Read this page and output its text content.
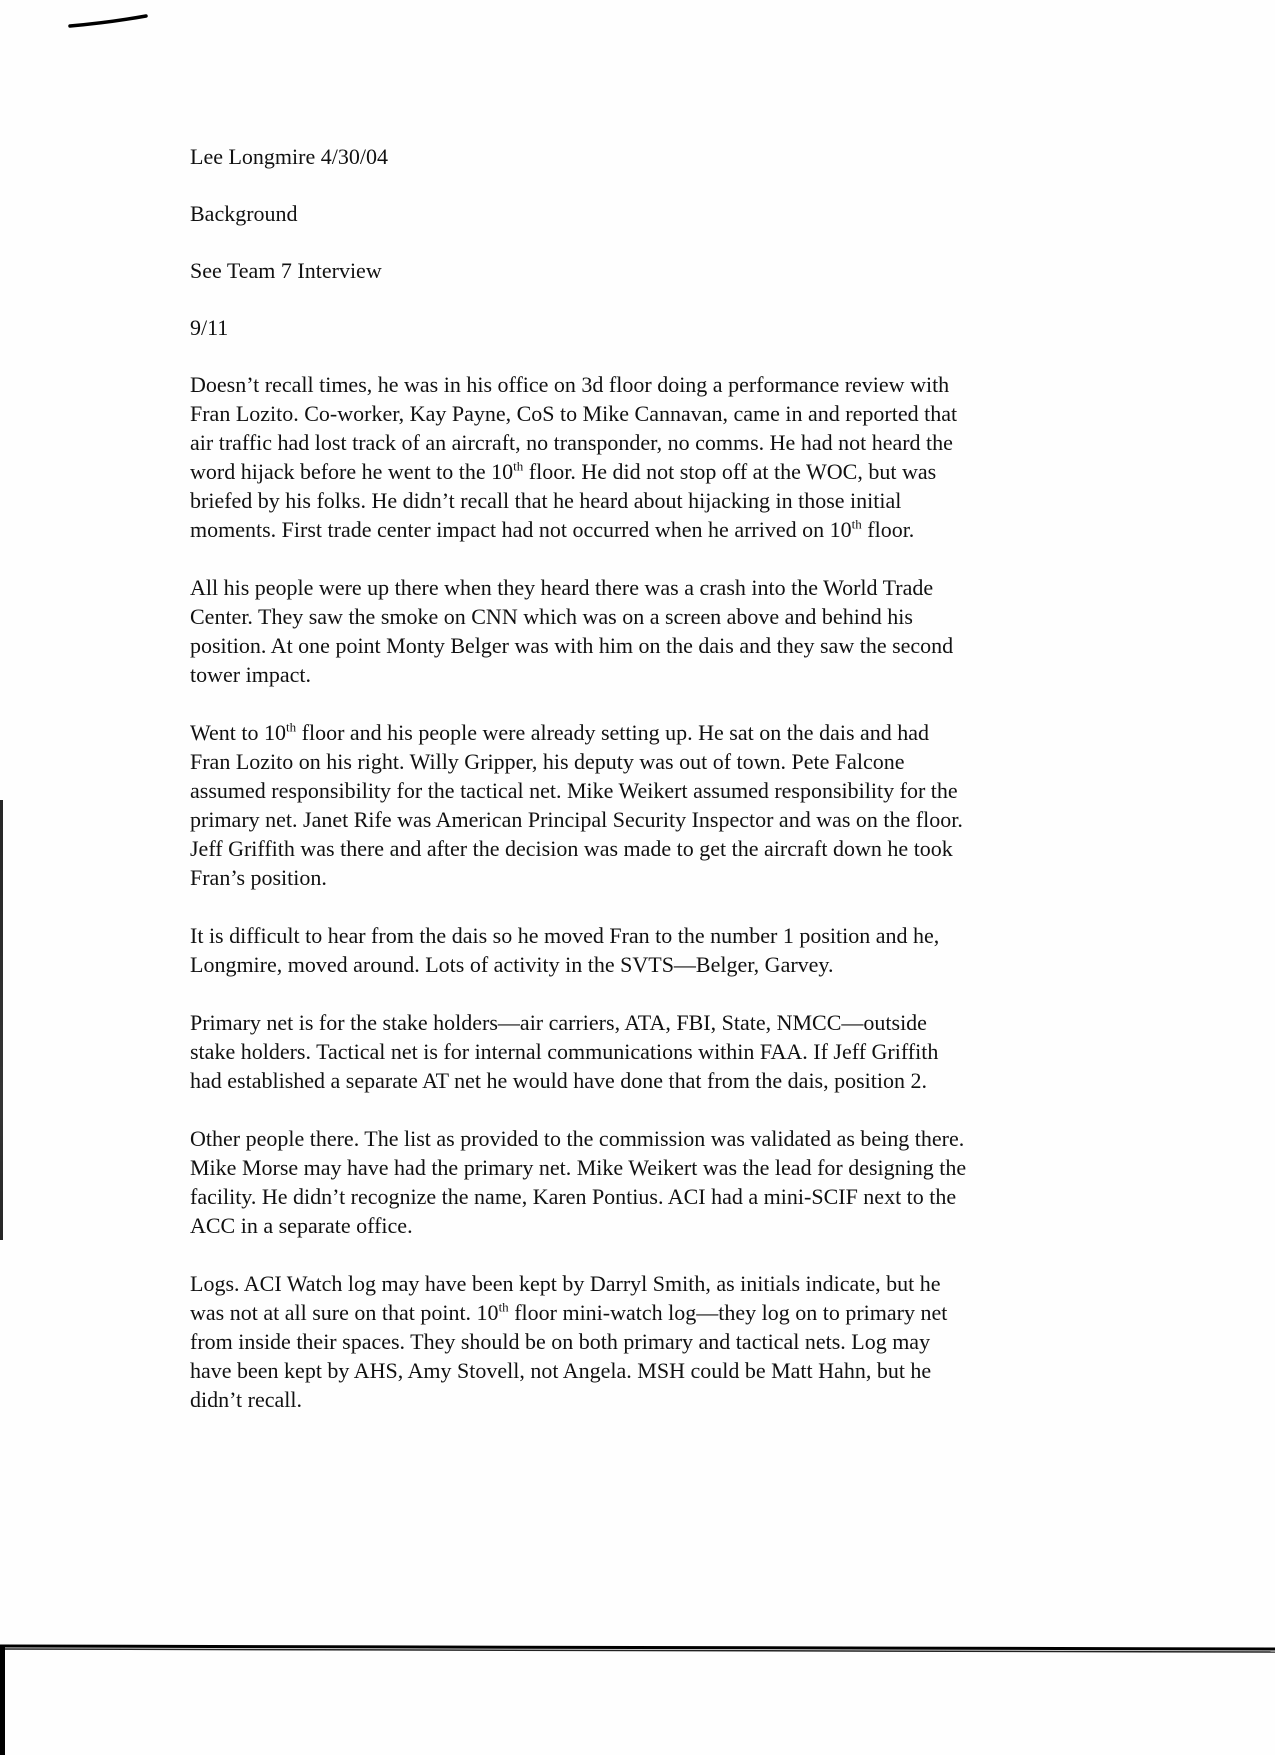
Lee Longmire 4/30/04
Background
See Team 7 Interview
9/11

Doesn’t recall times, he was in his office on 3d floor doing a performance review with
Fran Lozito. Co-worker, Kay Payne, CoS to Mike Cannavan, came in and reported that
air traffic had lost track of an aircraft, no transponder, no comms. He had not heard the
word hijack before he went to the 10th floor. He did not stop off at the WOC, but was
briefed by his folks. He didn’t recall that he heard about hijacking in those initial
moments. First trade center impact had not occurred when he arrived on 10th floor.

All his people were up there when they heard there was a crash into the World Trade
Center. They saw the smoke on CNN which was on a screen above and behind his
position. At one point Monty Belger was with him on the dais and they saw the second
tower impact.

Went to 10th floor and his people were already setting up. He sat on the dais and had
Fran Lozito on his right. Willy Gripper, his deputy was out of town. Pete Falcone
assumed responsibility for the tactical net. Mike Weikert assumed responsibility for the
primary net. Janet Rife was American Principal Security Inspector and was on the floor.
Jeff Griffith was there and after the decision was made to get the aircraft down he took
Fran’s position.

It is difficult to hear from the dais so he moved Fran to the number 1 position and he,
Longmire, moved around. Lots of activity in the SVTS—Belger, Garvey.

Primary net is for the stake holders—air carriers, ATA, FBI, State, NMCC—outside
stake holders. Tactical net is for internal communications within FAA. If Jeff Griffith
had established a separate AT net he would have done that from the dais, position 2.

Other people there. The list as provided to the commission was validated as being there.
Mike Morse may have had the primary net. Mike Weikert was the lead for designing the
facility. He didn’t recognize the name, Karen Pontius. ACI had a mini-SCIF next to the
ACC in a separate office.

Logs. ACI Watch log may have been kept by Darryl Smith, as initials indicate, but he
was not at all sure on that point. 10th floor mini-watch log—they log on to primary net
from inside their spaces. They should be on both primary and tactical nets. Log may
have been kept by AHS, Amy Stovell, not Angela. MSH could be Matt Hahn, but he
didn’t recall.
